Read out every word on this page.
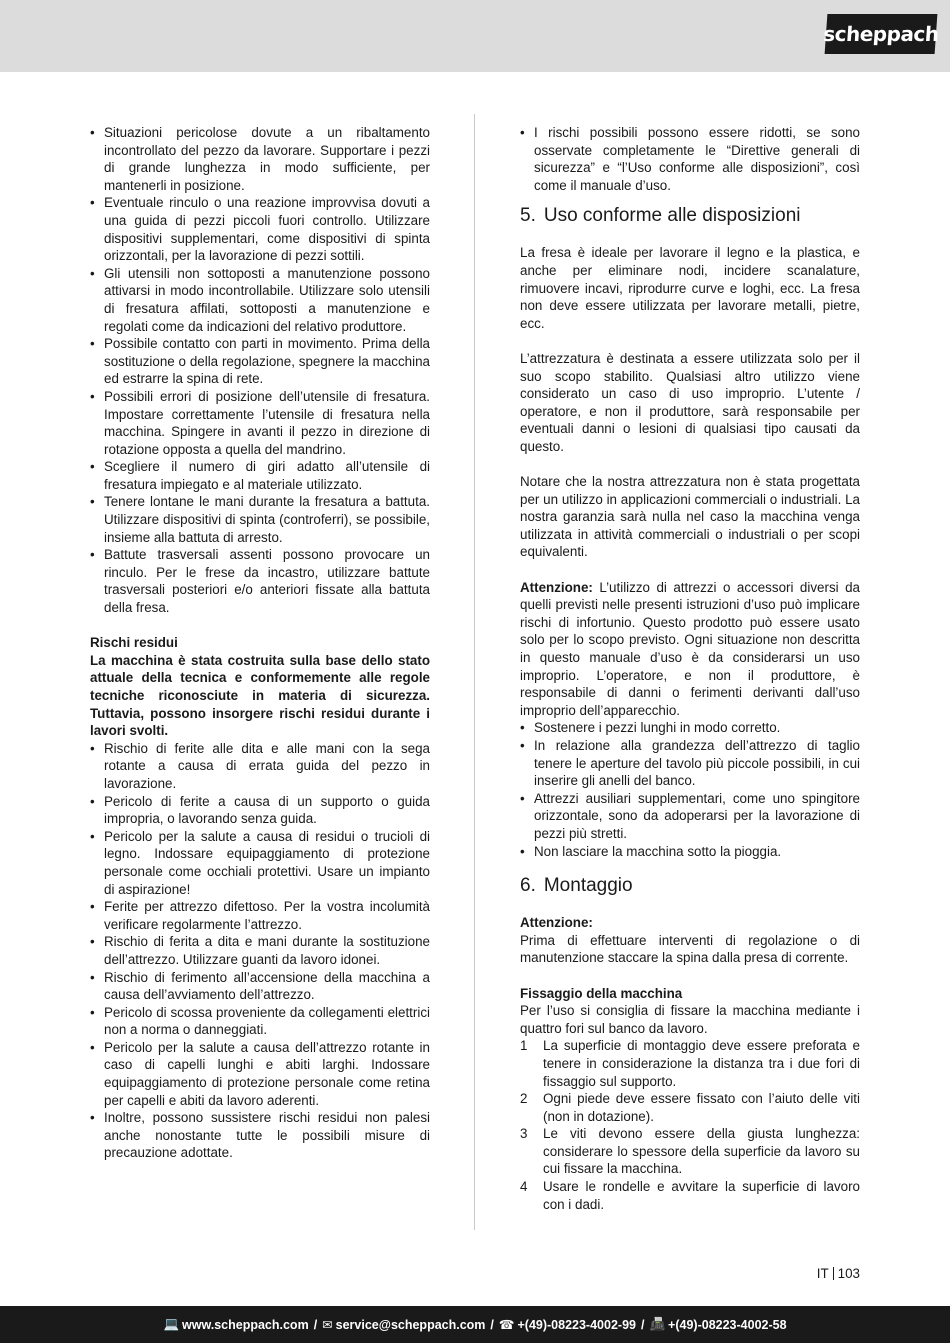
scheppach
• Situazioni pericolose dovute a un ribaltamento incontrollato del pezzo da lavorare. Supportare i pezzi di grande lunghezza in modo sufficiente, per mantenerli in posizione.
• Eventuale rinculo o una reazione improvvisa dovuti a una guida di pezzi piccoli fuori controllo. Utilizzare dispositivi supplementari, come dispositivi di spinta orizzontali, per la lavorazione di pezzi sottili.
• Gli utensili non sottoposti a manutenzione possono attivarsi in modo incontrollabile. Utilizzare solo utensili di fresatura affilati, sottoposti a manutenzione e regolati come da indicazioni del relativo produttore.
• Possibile contatto con parti in movimento. Prima della sostituzione o della regolazione, spegnere la macchina ed estrarre la spina di rete.
• Possibili errori di posizione dell’utensile di fresatura. Impostare correttamente l’utensile di fresatura nella macchina. Spingere in avanti il pezzo in direzione di rotazione opposta a quella del mandrino.
• Scegliere il numero di giri adatto all’utensile di fresatura impiegato e al materiale utilizzato.
• Tenere lontane le mani durante la fresatura a battuta. Utilizzare dispositivi di spinta (controferri), se possibile, insieme alla battuta di arresto.
• Battute trasversali assenti possono provocare un rinculo. Per le frese da incastro, utilizzare battute trasversali posteriori e/o anteriori fissate alla battuta della fresa.

Rischi residui

La macchina è stata costruita sulla base dello stato attuale della tecnica e conformemente alle regole tecniche riconosciute in materia di sicurezza. Tuttavia, possono insorgere rischi residui durante i lavori svolti.

• Rischio di ferite alle dita e alle mani con la sega rotante a causa di errata guida del pezzo in lavorazione.
• Pericolo di ferite a causa di un supporto o guida impropria, o lavorando senza guida.
• Pericolo per la salute a causa di residui o trucioli di legno. Indossare equipaggiamento di protezione personale come occhiali protettivi. Usare un impianto di aspirazione!
• Ferite per attrezzo difettoso. Per la vostra incolumità verificare regolarmente l’attrezzo.
• Rischio di ferita a dita e mani durante la sostituzione dell’attrezzo. Utilizzare guanti da lavoro idonei.
• Rischio di ferimento all’accensione della macchina a causa dell’avviamento dell’attrezzo.
• Pericolo di scossa proveniente da collegamenti elettrici non a norma o danneggiati.
• Pericolo per la salute a causa dell’attrezzo rotante in caso di capelli lunghi e abiti larghi. Indossare equipaggiamento di protezione personale come retina per capelli e abiti da lavoro aderenti.
• Inoltre, possono sussistere rischi residui non palesi anche nonostante tutte le possibili misure di precauzione adottate.
• I rischi possibili possono essere ridotti, se sono osservate completamente le “Direttive generali di sicurezza” e “l’Uso conforme alle disposizioni”, così come il manuale d’uso.
5. Uso conforme alle disposizioni

La fresa è ideale per lavorare il legno e la plastica, e anche per eliminare nodi, incidere scanalature, rimuovere incavi, riprodurre curve e loghi, ecc. La fresa non deve essere utilizzata per lavorare metalli, pietre, ecc.

L’attrezzatura è destinata a essere utilizzata solo per il suo scopo stabilito. Qualsiasi altro utilizzo viene considerato un caso di uso improprio. L’utente / operatore, e non il produttore, sarà responsabile per eventuali danni o lesioni di qualsiasi tipo causati da questo.

Notare che la nostra attrezzatura non è stata progettata per un utilizzo in applicazioni commerciali o industriali. La nostra garanzia sarà nulla nel caso la macchina venga utilizzata in attività commerciali o industriali o per scopi equivalenti.

Attenzione: L’utilizzo di attrezzi o accessori diversi da quelli previsti nelle presenti istruzioni d’uso può implicare rischi di infortunio. Questo prodotto può essere usato solo per lo scopo previsto. Ogni situazione non descritta in questo manuale d’uso è da considerarsi un uso improprio. L’operatore, e non il produttore, è responsabile di danni o ferimenti derivanti dall’uso improprio dell’apparecchio.

• Sostenere i pezzi lunghi in modo corretto.
• In relazione alla grandezza dell’attrezzo di taglio tenere le aperture del tavolo più piccole possibili, in cui inserire gli anelli del banco.
• Attrezzi ausiliari supplementari, come uno spingitore orizzontale, sono da adoperarsi per la lavorazione di pezzi più stretti.
• Non lasciare la macchina sotto la pioggia.
6. Montaggio

Attenzione:

Prima di effettuare interventi di regolazione o di manutenzione staccare la spina dalla presa di corrente.

Fissaggio della macchina

Per l’uso si consiglia di fissare la macchina mediante i quattro fori sul banco da lavoro.

1 La superficie di montaggio deve essere preforata e tenere in considerazione la distanza tra i due fori di fissaggio sul supporto.
2 Ogni piede deve essere fissato con l’aiuto delle viti (non in dotazione).
3 Le viti devono essere della giusta lunghezza: considerare lo spessore della superficie da lavoro su cui fissare la macchina.
4 Usare le rondelle e avvitare la superficie di lavoro con i dadi.
IT 103
💻 www.scheppach.com / ✉ service@scheppach.com / ☎ +(49)-08223-4002-99 / 📠 +(49)-08223-4002-58
